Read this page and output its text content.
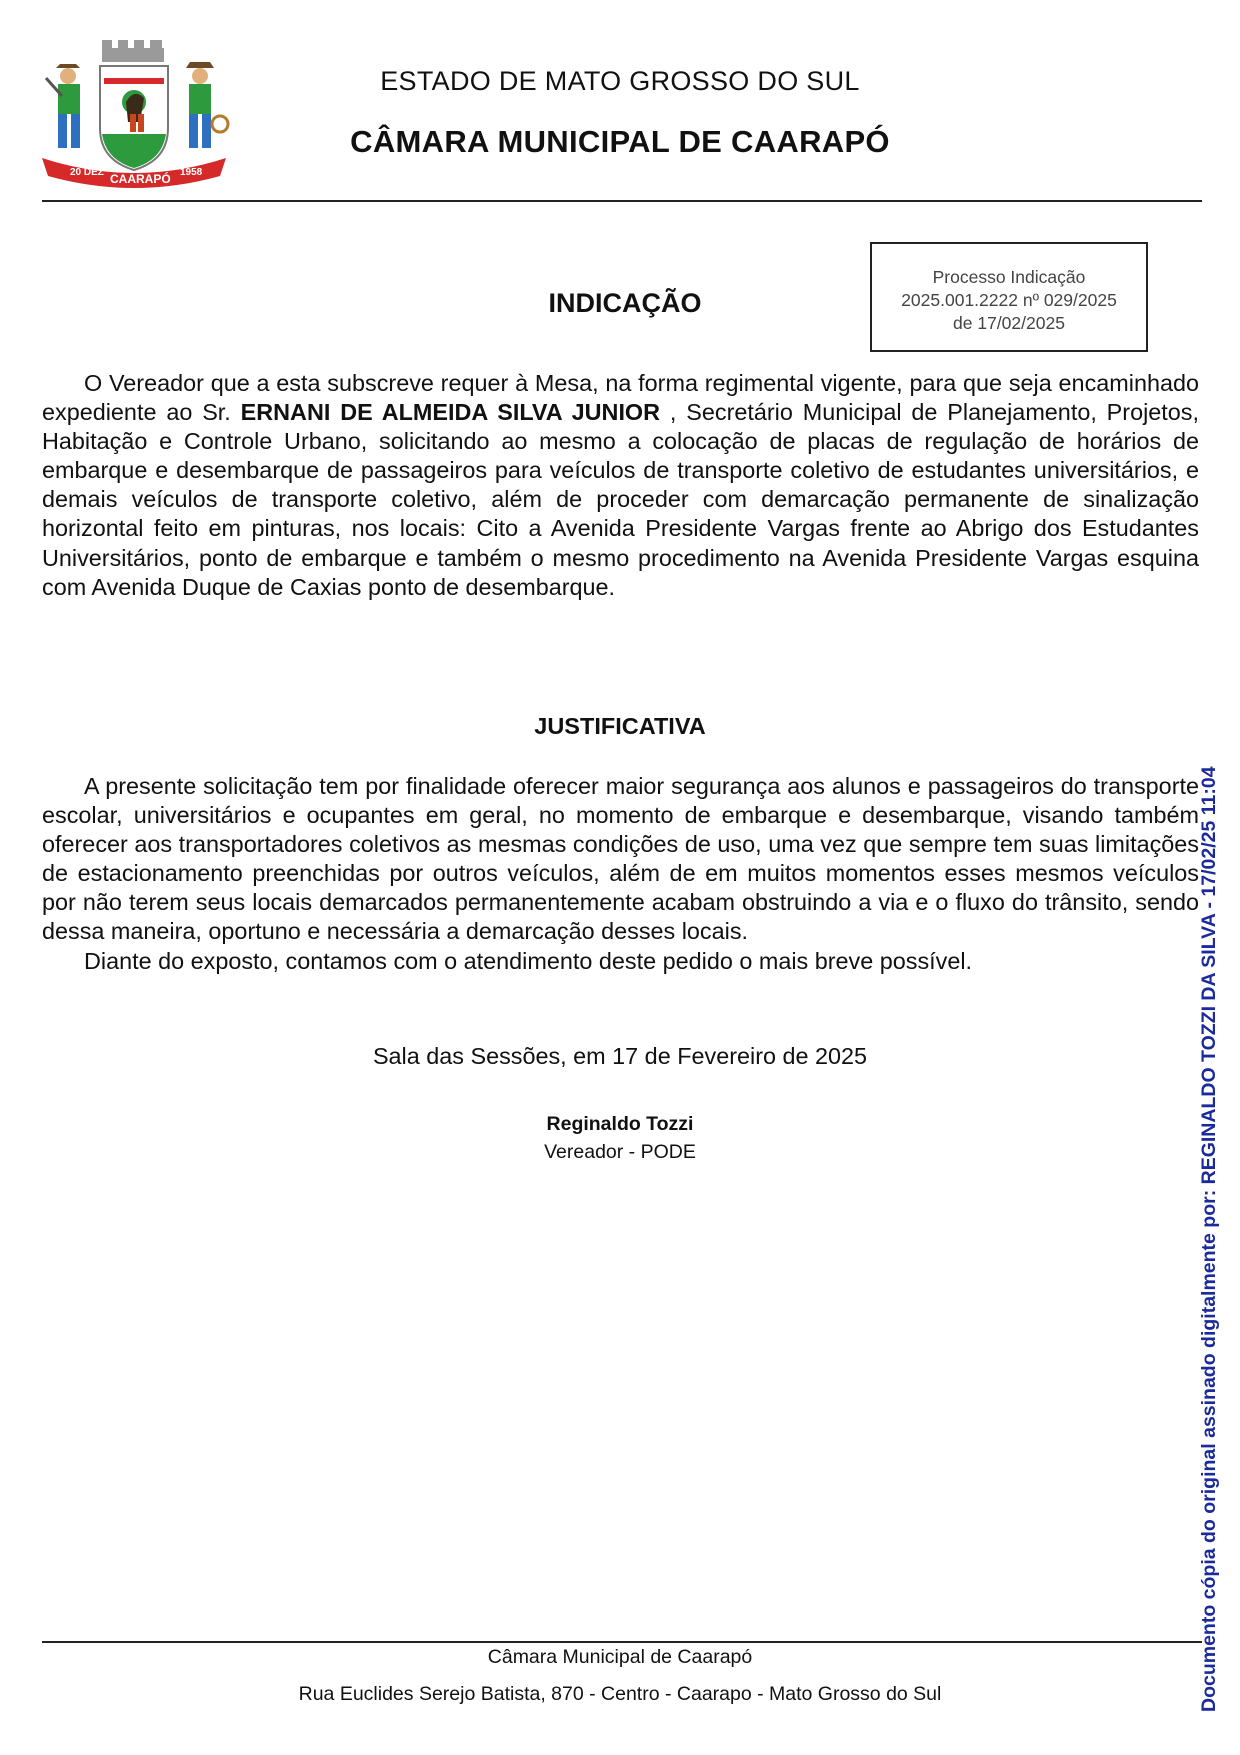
20 DEZ CAARAPÓ 1958
ESTADO DE MATO GROSSO DO SUL
CÂMARA MUNICIPAL DE CAARAPÓ
INDICAÇÃO
Processo Indicação
2025.001.2222 nº 029/2025
de 17/02/2025

O Vereador que a esta subscreve requer à Mesa, na forma regimental vigente, para que seja encaminhado expediente ao Sr. ERNANI DE ALMEIDA SILVA JUNIOR , Secretário Municipal de Planejamento, Projetos, Habitação e Controle Urbano, solicitando ao mesmo a colocação de placas de regulação de horários de embarque e desembarque de passageiros para veículos de transporte coletivo de estudantes universitários, e demais veículos de transporte coletivo, além de proceder com demarcação permanente de sinalização horizontal feito em pinturas, nos locais: Cito a Avenida Presidente Vargas frente ao Abrigo dos Estudantes Universitários, ponto de embarque e também o mesmo procedimento na Avenida Presidente Vargas esquina com Avenida Duque de Caxias ponto de desembarque.

JUSTIFICATIVA

A presente solicitação tem por finalidade oferecer maior segurança aos alunos e passageiros do transporte escolar, universitários e ocupantes em geral, no momento de embarque e desembarque, visando também oferecer aos transportadores coletivos as mesmas condições de uso, uma vez que sempre tem suas limitações de estacionamento preenchidas por outros veículos, além de em muitos momentos esses mesmos veículos por não terem seus locais demarcados permanentemente acabam obstruindo a via e o fluxo do trânsito, sendo dessa maneira, oportuno e necessária a demarcação desses locais.

Diante do exposto, contamos com o atendimento deste pedido o mais breve possível.

Sala das Sessões, em 17 de Fevereiro de 2025
Reginaldo Tozzi
Vereador - PODE
Câmara Municipal de Caarapó
Rua Euclides Serejo Batista, 870 - Centro - Caarapo - Mato Grosso do Sul	Documento cópia do original assinado digitalmente por: REGINALDO TOZZI DA SILVA - 17/02/25 11:04
